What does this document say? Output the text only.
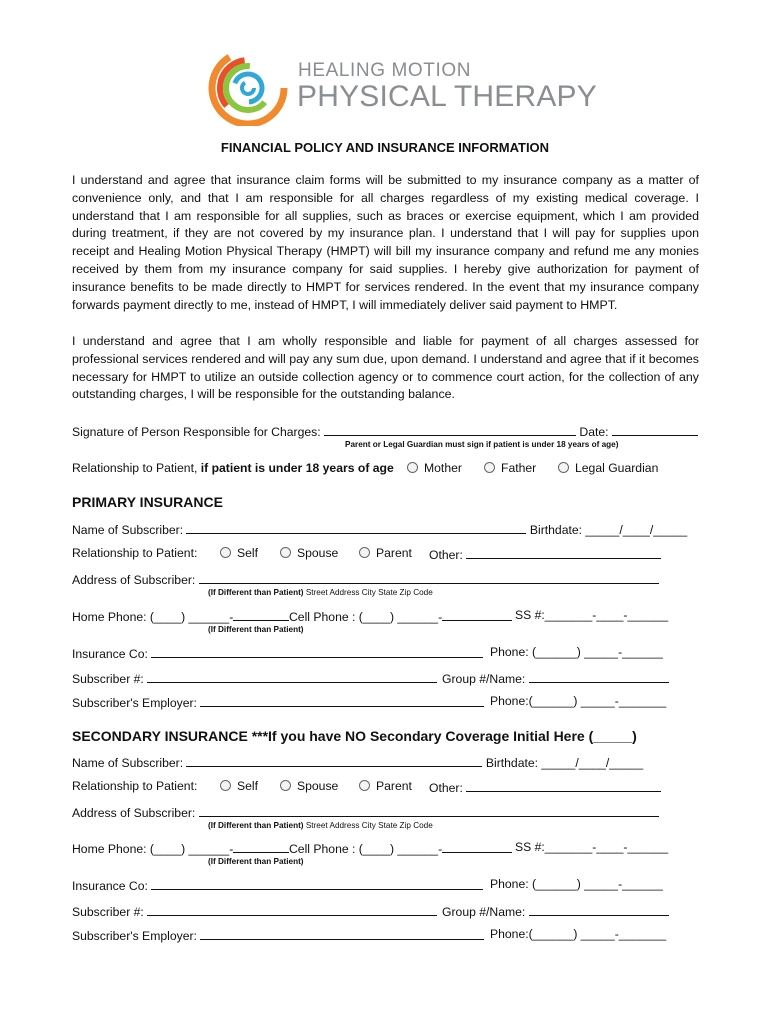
HEALING MOTION
PHYSICAL THERAPY
FINANCIAL POLICY AND INSURANCE INFORMATION
I understand and agree that insurance claim forms will be submitted to my insurance company as a matter of convenience only, and that I am responsible for all charges regardless of my existing medical coverage. I understand that I am responsible for all supplies, such as braces or exercise equipment, which I am provided during treatment, if they are not covered by my insurance plan. I understand that I will pay for supplies upon receipt and Healing Motion Physical Therapy (HMPT) will bill my insurance company and refund me any monies received by them from my insurance company for said supplies. I hereby give authorization for payment of insurance benefits to be made directly to HMPT for services rendered. In the event that my insurance company forwards payment directly to me, instead of HMPT, I will immediately deliver said payment to HMPT.
I understand and agree that I am wholly responsible and liable for payment of all charges assessed for professional services rendered and will pay any sum due, upon demand. I understand and agree that if it becomes necessary for HMPT to utilize an outside collection agency or to commence court action, for the collection of any outstanding charges, I will be responsible for the outstanding balance.
Signature of Person Responsible for Charges:	Date:
Parent or Legal Guardian must sign if patient is under 18 years of age)
Relationship to Patient, if patient is under 18 years of age	Mother	Father	Legal Guardian
PRIMARY INSURANCE
Name of Subscriber:	Birthdate: _____/____/_____
Relationship to Patient:	Self	Spouse	Parent Other:
Address of Subscriber:
(If Different than Patient) Street Address City State Zip Code
Home Phone: (____) ______-	Cell Phone : (____) ______-	SS #:_______-____-______
(If Different than Patient)
Insurance Co:	Phone: (______) _____-______
Subscriber #:	Group #/Name:
Subscriber's Employer:	Phone:(______) _____-_______
SECONDARY INSURANCE ***If you have NO Secondary Coverage Initial Here (_____)
Name of Subscriber:	Birthdate: _____/____/_____
Relationship to Patient:	Self	Spouse	Parent Other:
Address of Subscriber:
(If Different than Patient) Street Address City State Zip Code
Home Phone: (____) ______-	Cell Phone : (____) ______-	SS #:_______-____-______
(If Different than Patient)
Insurance Co:	Phone: (______) _____-______
Subscriber #:	Group #/Name:
Subscriber's Employer:	Phone:(______) _____-_______
